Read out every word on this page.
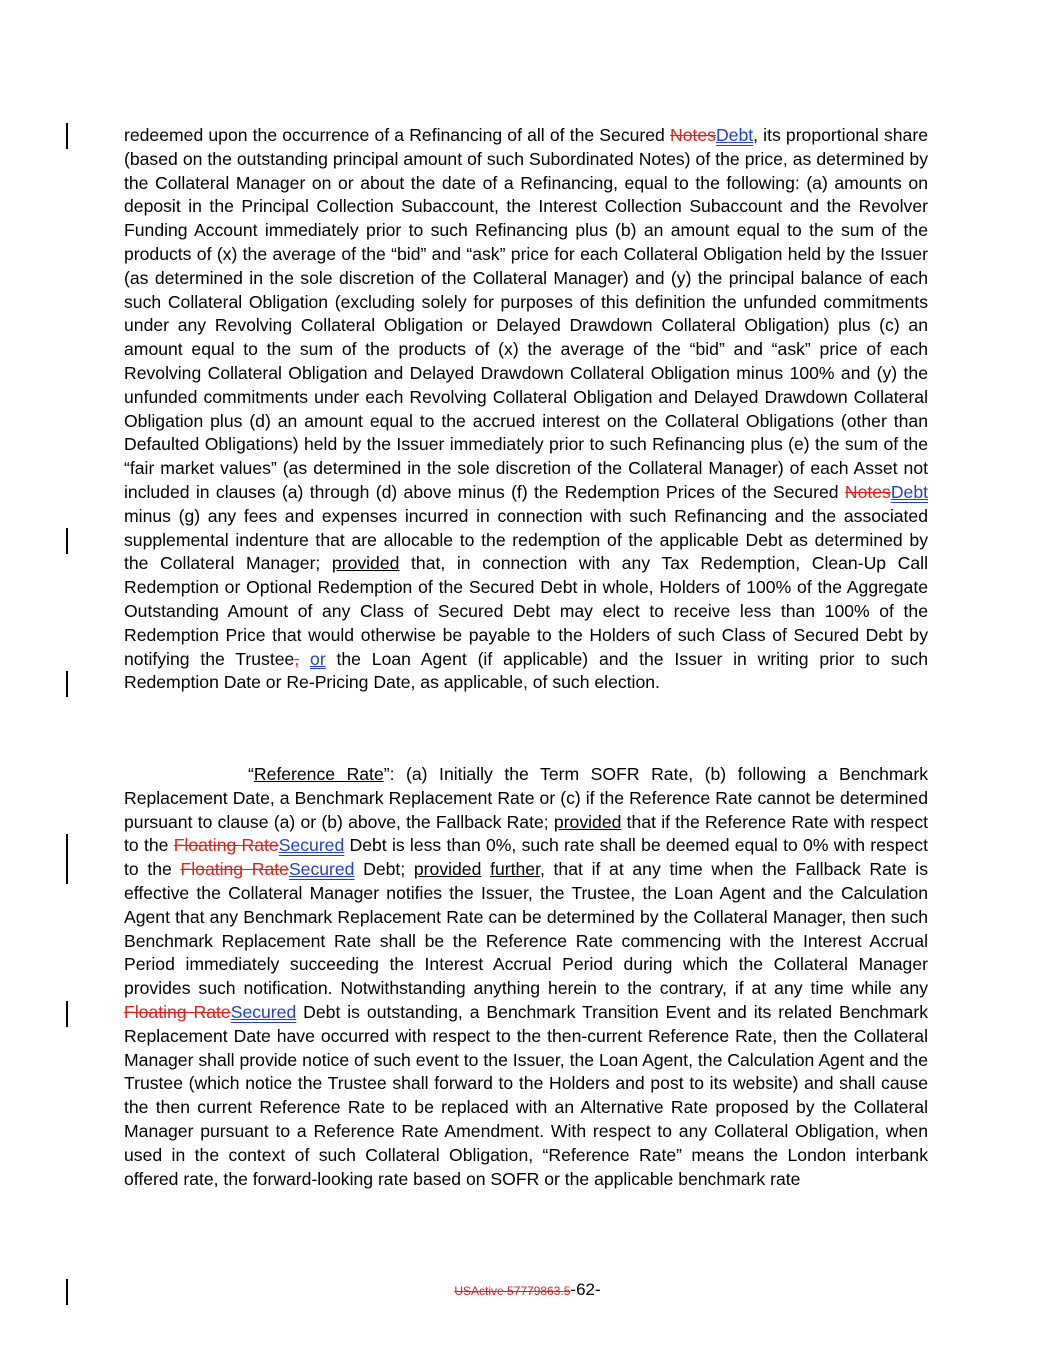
redeemed upon the occurrence of a Refinancing of all of the Secured NotesDebt, its proportional share (based on the outstanding principal amount of such Subordinated Notes) of the price, as determined by the Collateral Manager on or about the date of a Refinancing, equal to the following: (a) amounts on deposit in the Principal Collection Subaccount, the Interest Collection Subaccount and the Revolver Funding Account immediately prior to such Refinancing plus (b) an amount equal to the sum of the products of (x) the average of the “bid” and “ask” price for each Collateral Obligation held by the Issuer (as determined in the sole discretion of the Collateral Manager) and (y) the principal balance of each such Collateral Obligation (excluding solely for purposes of this definition the unfunded commitments under any Revolving Collateral Obligation or Delayed Drawdown Collateral Obligation) plus (c) an amount equal to the sum of the products of (x) the average of the “bid” and “ask” price of each Revolving Collateral Obligation and Delayed Drawdown Collateral Obligation minus 100% and (y) the unfunded commitments under each Revolving Collateral Obligation and Delayed Drawdown Collateral Obligation plus (d) an amount equal to the accrued interest on the Collateral Obligations (other than Defaulted Obligations) held by the Issuer immediately prior to such Refinancing plus (e) the sum of the “fair market values” (as determined in the sole discretion of the Collateral Manager) of each Asset not included in clauses (a) through (d) above minus (f) the Redemption Prices of the Secured NotesDebt minus (g) any fees and expenses incurred in connection with such Refinancing and the associated supplemental indenture that are allocable to the redemption of the applicable Debt as determined by the Collateral Manager; provided that, in connection with any Tax Redemption, Clean-Up Call Redemption or Optional Redemption of the Secured Debt in whole, Holders of 100% of the Aggregate Outstanding Amount of any Class of Secured Debt may elect to receive less than 100% of the Redemption Price that would otherwise be payable to the Holders of such Class of Secured Debt by notifying the Trustee, or the Loan Agent (if applicable) and the Issuer in writing prior to such Redemption Date or Re-Pricing Date, as applicable, of such election.
“Reference Rate”: (a) Initially the Term SOFR Rate, (b) following a Benchmark Replacement Date, a Benchmark Replacement Rate or (c) if the Reference Rate cannot be determined pursuant to clause (a) or (b) above, the Fallback Rate; provided that if the Reference Rate with respect to the Floating RateSecured Debt is less than 0%, such rate shall be deemed equal to 0% with respect to the Floating RateSecured Debt; provided further, that if at any time when the Fallback Rate is effective the Collateral Manager notifies the Issuer, the Trustee, the Loan Agent and the Calculation Agent that any Benchmark Replacement Rate can be determined by the Collateral Manager, then such Benchmark Replacement Rate shall be the Reference Rate commencing with the Interest Accrual Period immediately succeeding the Interest Accrual Period during which the Collateral Manager provides such notification. Notwithstanding anything herein to the contrary, if at any time while any Floating RateSecured Debt is outstanding, a Benchmark Transition Event and its related Benchmark Replacement Date have occurred with respect to the then-current Reference Rate, then the Collateral Manager shall provide notice of such event to the Issuer, the Loan Agent, the Calculation Agent and the Trustee (which notice the Trustee shall forward to the Holders and post to its website) and shall cause the then current Reference Rate to be replaced with an Alternative Rate proposed by the Collateral Manager pursuant to a Reference Rate Amendment. With respect to any Collateral Obligation, when used in the context of such Collateral Obligation, “Reference Rate” means the London interbank offered rate, the forward-looking rate based on SOFR or the applicable benchmark rate
USActive 57779863.5-62-
